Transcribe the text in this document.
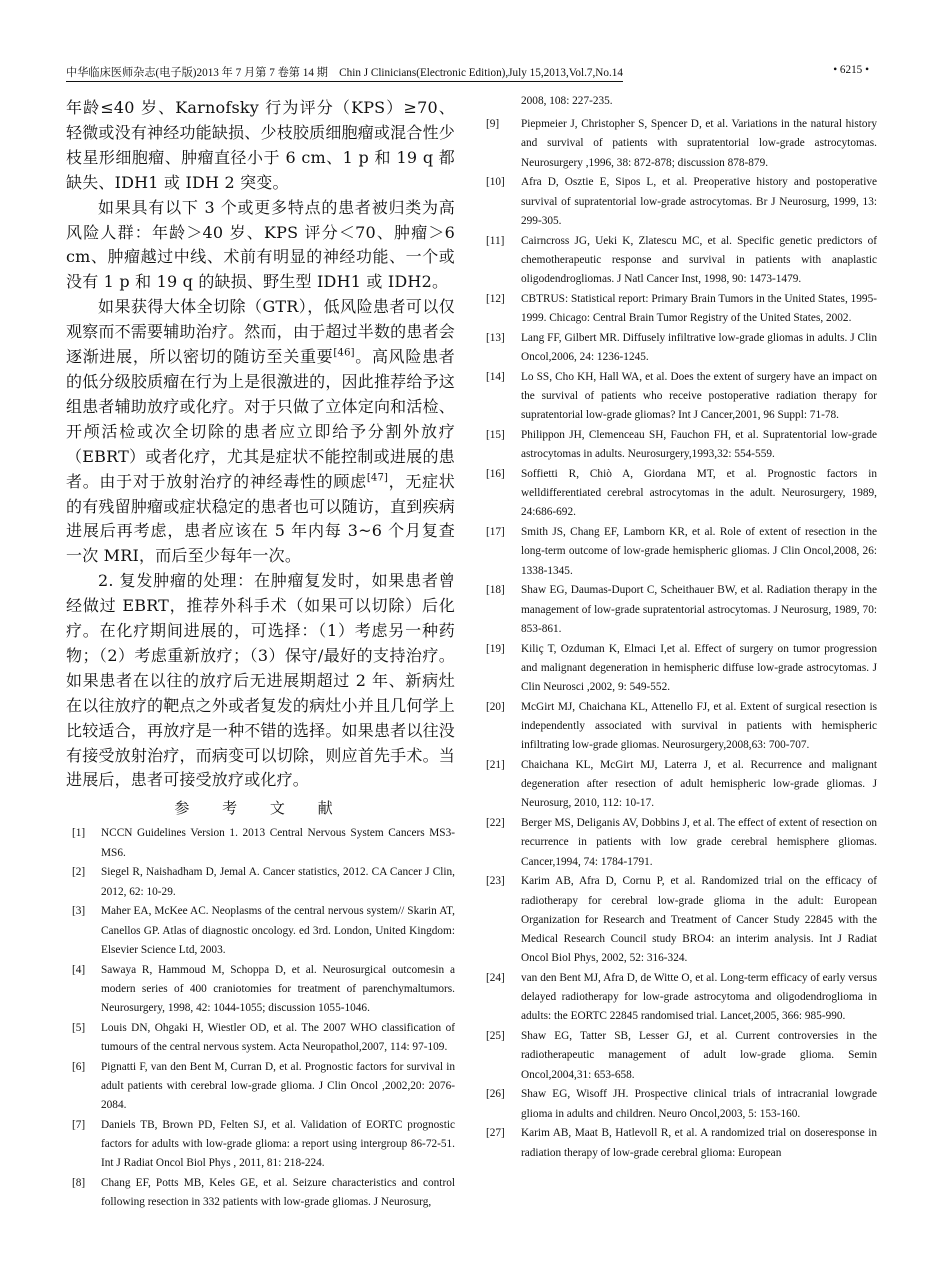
中华临床医师杂志(电子版)2013 年 7 月第 7 卷第 14 期　Chin J Clinicians(Electronic Edition),July 15,2013,Vol.7,No.14	• 6215 •

年龄≤40 岁、Karnofsky 行为评分（KPS）≥70、轻微或没有神经功能缺损、少枝胶质细胞瘤或混合性少枝星形细胞瘤、肿瘤直径小于 6 cm、1 p 和 19 q 都缺失、IDH1 或 IDH 2 突变。

如果具有以下 3 个或更多特点的患者被归类为高风险人群：年龄＞40 岁、KPS 评分＜70、肿瘤＞6 cm、肿瘤越过中线、术前有明显的神经功能、一个或没有 1 p 和 19 q 的缺损、野生型 IDH1 或 IDH2。

如果获得大体全切除（GTR），低风险患者可以仅观察而不需要辅助治疗。然而，由于超过半数的患者会逐渐进展，所以密切的随访至关重要[46]。高风险患者的低分级胶质瘤在行为上是很激进的，因此推荐给予这组患者辅助放疗或化疗。对于只做了立体定向和活检、开颅活检或次全切除的患者应立即给予分割外放疗（EBRT）或者化疗，尤其是症状不能控制或进展的患者。由于对于放射治疗的神经毒性的顾虑[47]，无症状的有残留肿瘤或症状稳定的患者也可以随访，直到疾病进展后再考虑，患者应该在 5 年内每 3~6 个月复查一次 MRI，而后至少每年一次。

2. 复发肿瘤的处理：在肿瘤复发时，如果患者曾经做过 EBRT，推荐外科手术（如果可以切除）后化疗。在化疗期间进展的，可选择：（1）考虑另一种药物；（2）考虑重新放疗；（3）保守/最好的支持治疗。如果患者在以往的放疗后无进展期超过 2 年、新病灶在以往放疗的靶点之外或者复发的病灶小并且几何学上比较适合，再放疗是一种不错的选择。如果患者以往没有接受放射治疗，而病变可以切除，则应首先手术。当进展后，患者可接受放疗或化疗。

参 考 文 献
[1]	NCCN Guidelines Version 1. 2013 Central Nervous System Cancers MS3-MS6.
[2]	Siegel R, Naishadham D, Jemal A. Cancer statistics, 2012. CA Cancer J Clin, 2012, 62: 10-29.
[3]	Maher EA, McKee AC. Neoplasms of the central nervous system// Skarin AT, Canellos GP. Atlas of diagnostic oncology. ed 3rd. London, United Kingdom: Elsevier Science Ltd, 2003.
[4]	Sawaya R, Hammoud M, Schoppa D, et al. Neurosurgical outcomesin a modern series of 400 craniotomies for treatment of parenchymaltumors. Neurosurgery, 1998, 42: 1044-1055; discussion 1055-1046.
[5]	Louis DN, Ohgaki H, Wiestler OD, et al. The 2007 WHO classification of tumours of the central nervous system. Acta Neuropathol,2007, 114: 97-109.
[6]	Pignatti F, van den Bent M, Curran D, et al. Prognostic factors for survival in adult patients with cerebral low-grade glioma. J Clin Oncol ,2002,20: 2076-2084.
[7]	Daniels TB, Brown PD, Felten SJ, et al. Validation of EORTC prognostic factors for adults with low-grade glioma: a report using intergroup 86-72-51. Int J Radiat Oncol Biol Phys , 2011, 81: 218-224.
[8]	Chang EF, Potts MB, Keles GE, et al. Seizure characteristics and control following resection in 332 patients with low-grade gliomas. J Neurosurg,
2008, 108: 227-235.
[9]	Piepmeier J, Christopher S, Spencer D, et al. Variations in the natural history and survival of patients with supratentorial low-grade astrocytomas. Neurosurgery ,1996, 38: 872-878; discussion 878-879.
[10]	Afra D, Osztie E, Sipos L, et al. Preoperative history and postoperative survival of supratentorial low-grade astrocytomas. Br J Neurosurg, 1999, 13: 299-305.
[11]	Cairncross JG, Ueki K, Zlatescu MC, et al. Specific genetic predictors of chemotherapeutic response and survival in patients with anaplastic oligodendrogliomas. J Natl Cancer Inst, 1998, 90: 1473-1479.
[12]	CBTRUS: Statistical report: Primary Brain Tumors in the United States, 1995-1999. Chicago: Central Brain Tumor Registry of the United States, 2002.
[13]	Lang FF, Gilbert MR. Diffusely infiltrative low-grade gliomas in adults. J Clin Oncol,2006, 24: 1236-1245.
[14]	Lo SS, Cho KH, Hall WA, et al. Does the extent of surgery have an impact on the survival of patients who receive postoperative radiation therapy for supratentorial low-grade gliomas? Int J Cancer,2001, 96 Suppl: 71-78.
[15]	Philippon JH, Clemenceau SH, Fauchon FH, et al. Supratentorial low-grade astrocytomas in adults. Neurosurgery,1993,32: 554-559.
[16]	Soffietti R, Chiò A, Giordana MT, et al. Prognostic factors in welldifferentiated cerebral astrocytomas in the adult. Neurosurgery, 1989, 24:686-692.
[17]	Smith JS, Chang EF, Lamborn KR, et al. Role of extent of resection in the long-term outcome of low-grade hemispheric gliomas. J Clin Oncol,2008, 26: 1338-1345.
[18]	Shaw EG, Daumas-Duport C, Scheithauer BW, et al. Radiation therapy in the management of low-grade supratentorial astrocytomas. J Neurosurg, 1989, 70: 853-861.
[19]	Kiliç T, Ozduman K, Elmaci I,et al. Effect of surgery on tumor progression and malignant degeneration in hemispheric diffuse low-grade astrocytomas. J Clin Neurosci ,2002, 9: 549-552.
[20]	McGirt MJ, Chaichana KL, Attenello FJ, et al. Extent of surgical resection is independently associated with survival in patients with hemispheric infiltrating low-grade gliomas. Neurosurgery,2008,63: 700-707.
[21]	Chaichana KL, McGirt MJ, Laterra J, et al. Recurrence and malignant degeneration after resection of adult hemispheric low-grade gliomas. J Neurosurg, 2010, 112: 10-17.
[22]	Berger MS, Deliganis AV, Dobbins J, et al. The effect of extent of resection on recurrence in patients with low grade cerebral hemisphere gliomas. Cancer,1994, 74: 1784-1791.
[23]	Karim AB, Afra D, Cornu P, et al. Randomized trial on the efficacy of radiotherapy for cerebral low-grade glioma in the adult: European Organization for Research and Treatment of Cancer Study 22845 with the Medical Research Council study BRO4: an interim analysis. Int J Radiat Oncol Biol Phys, 2002, 52: 316-324.
[24]	van den Bent MJ, Afra D, de Witte O, et al. Long-term efficacy of early versus delayed radiotherapy for low-grade astrocytoma and oligodendroglioma in adults: the EORTC 22845 randomised trial. Lancet,2005, 366: 985-990.
[25]	Shaw EG, Tatter SB, Lesser GJ, et al. Current controversies in the radiotherapeutic management of adult low-grade glioma. Semin Oncol,2004,31: 653-658.
[26]	Shaw EG, Wisoff JH. Prospective clinical trials of intracranial lowgrade glioma in adults and children. Neuro Oncol,2003, 5: 153-160.
[27]	Karim AB, Maat B, Hatlevoll R, et al. A randomized trial on doseresponse in radiation therapy of low-grade cerebral glioma: European
